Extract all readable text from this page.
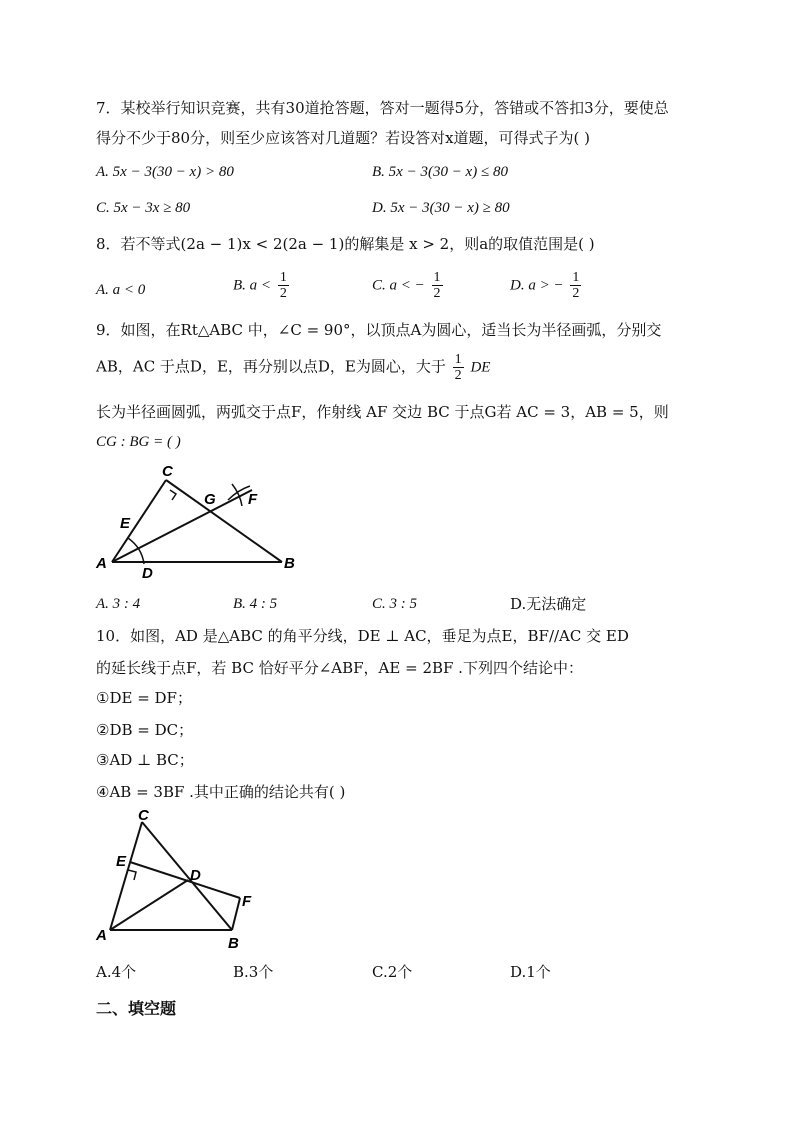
7．某校举行知识竞赛，共有30道抢答题，答对一题得5分，答错或不答扣3分，要使总
得分不少于80分，则至少应该答对几道题？若设答对x道题，可得式子为( )
A. 5x − 3(30 − x) > 80	B. 5x − 3(30 − x) ≤ 80
C. 5x − 3x ≥ 80	D. 5x − 3(30 − x) ≥ 80
8．若不等式(2a − 1)x < 2(2a − 1)的解集是 x > 2，则a的取值范围是( )
A. a < 0	B. $a < \frac{1}{2}$	C. a < − $\frac{1}{2}$	D. a > − $\frac{1}{2}$
9．如图，在Rt△ABC 中，∠C = 90°，以顶点A为圆心，适当长为半径画弧，分别交
AB，AC 于点D，E，再分别以点D，E为圆心，大于 $\frac{1}{2}$ DE
长为半径画圆弧，两弧交于点F，作射线 AF 交边 BC 于点G若 AC = 3，AB = 5，则
CG : BG = ( )
C
G F
E
A
D
B
A. 3 : 4	B. 4 : 5	C. 3 : 5	D.无法确定
10．如图，AD 是△ABC 的角平分线，DE ⊥ AC，垂足为点E，BF//AC 交 ED
的延长线于点F，若 BC 恰好平分∠ABF，AE = 2BF .下列四个结论中：
①DE = DF；
②DB = DC；
③AD ⊥ BC；
④AB = 3BF .其中正确的结论共有( )
C
E
D
F
A	B
A.4个	B.3个	C.2个	D.1个
二、填空题
